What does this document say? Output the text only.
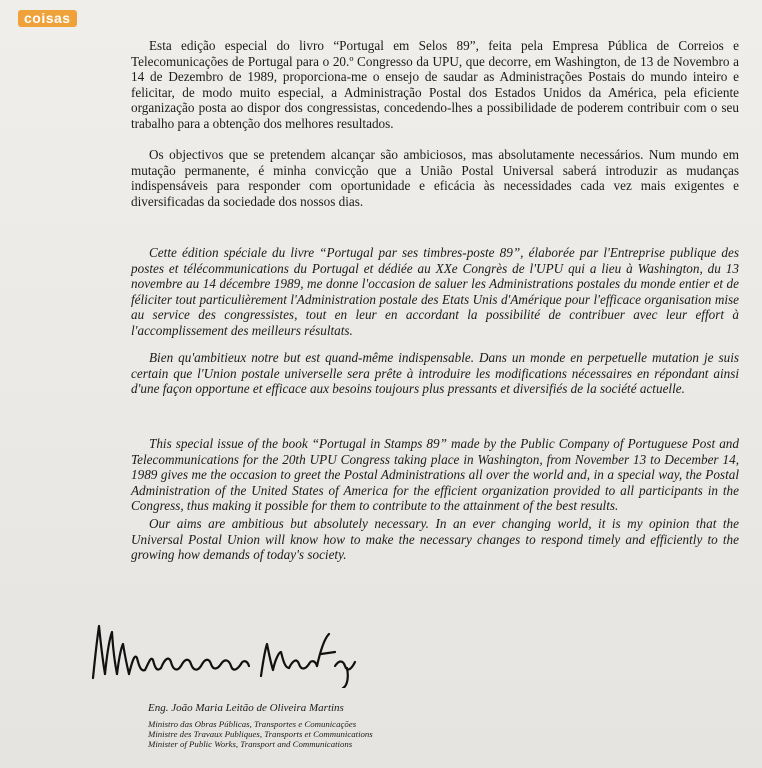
coisas

Esta edição especial do livro “Portugal em Selos 89”, feita pela Empresa Pública de Correios e Telecomunicações de Portugal para o 20.º Congresso da UPU, que decorre, em Washington, de 13 de Novembro a 14 de Dezembro de 1989, proporciona-me o ensejo de saudar as Administrações Postais do mundo inteiro e felicitar, de modo muito especial, a Administração Postal dos Estados Unidos da América, pela eficiente organização posta ao dispor dos congressistas, concedendo-lhes a possibilidade de poderem contribuir com o seu trabalho para a obtenção dos melhores resultados.

Os objectivos que se pretendem alcançar são ambiciosos, mas absolutamente necessários. Num mundo em mutação permanente, é minha convicção que a União Postal Universal saberá introduzir as mudanças indispensáveis para responder com oportunidade e eficácia às necessidades cada vez mais exigentes e diversificadas da sociedade dos nossos dias.

Cette édition spéciale du livre “Portugal par ses timbres-poste 89”, élaborée par l'Entreprise publique des postes et télécommunications du Portugal et dédiée au XXe Congrès de l'UPU qui a lieu à Washington, du 13 novembre au 14 décembre 1989, me donne l'occasion de saluer les Administrations postales du monde entier et de féliciter tout particulièrement l'Administration postale des Etats Unis d'Amérique pour l'efficace organisation mise au service des congressistes, tout en leur en accordant la possibilité de contribuer avec leur effort à l'accomplissement des meilleurs résultats.

Bien qu'ambitieux notre but est quand-même indispensable. Dans un monde en perpetuelle mutation je suis certain que l'Union postale universelle sera prête à introduire les modifications nécessaires en répondant ainsi d'une façon opportune et efficace aux besoins toujours plus pressants et diversifiés de la société actuelle.

This special issue of the book “Portugal in Stamps 89” made by the Public Company of Portuguese Post and Telecommunications for the 20th UPU Congress taking place in Washington, from November 13 to December 14, 1989 gives me the occasion to greet the Postal Administrations all over the world and, in a special way, the Postal Administration of the United States of America for the efficient organization provided to all participants in the Congress, thus making it possible for them to contribute to the attainment of the best results.

Our aims are ambitious but absolutely necessary. In an ever changing world, it is my opinion that the Universal Postal Union will know how to make the necessary changes to respond timely and efficiently to the growing how demands of today's society.

Eng. João Maria Leitão de Oliveira Martins
Ministro das Obras Públicas, Transportes e Comunicações
Ministre des Travaux Publiques, Transports et Communications
Minister of Public Works, Transport and Communications
